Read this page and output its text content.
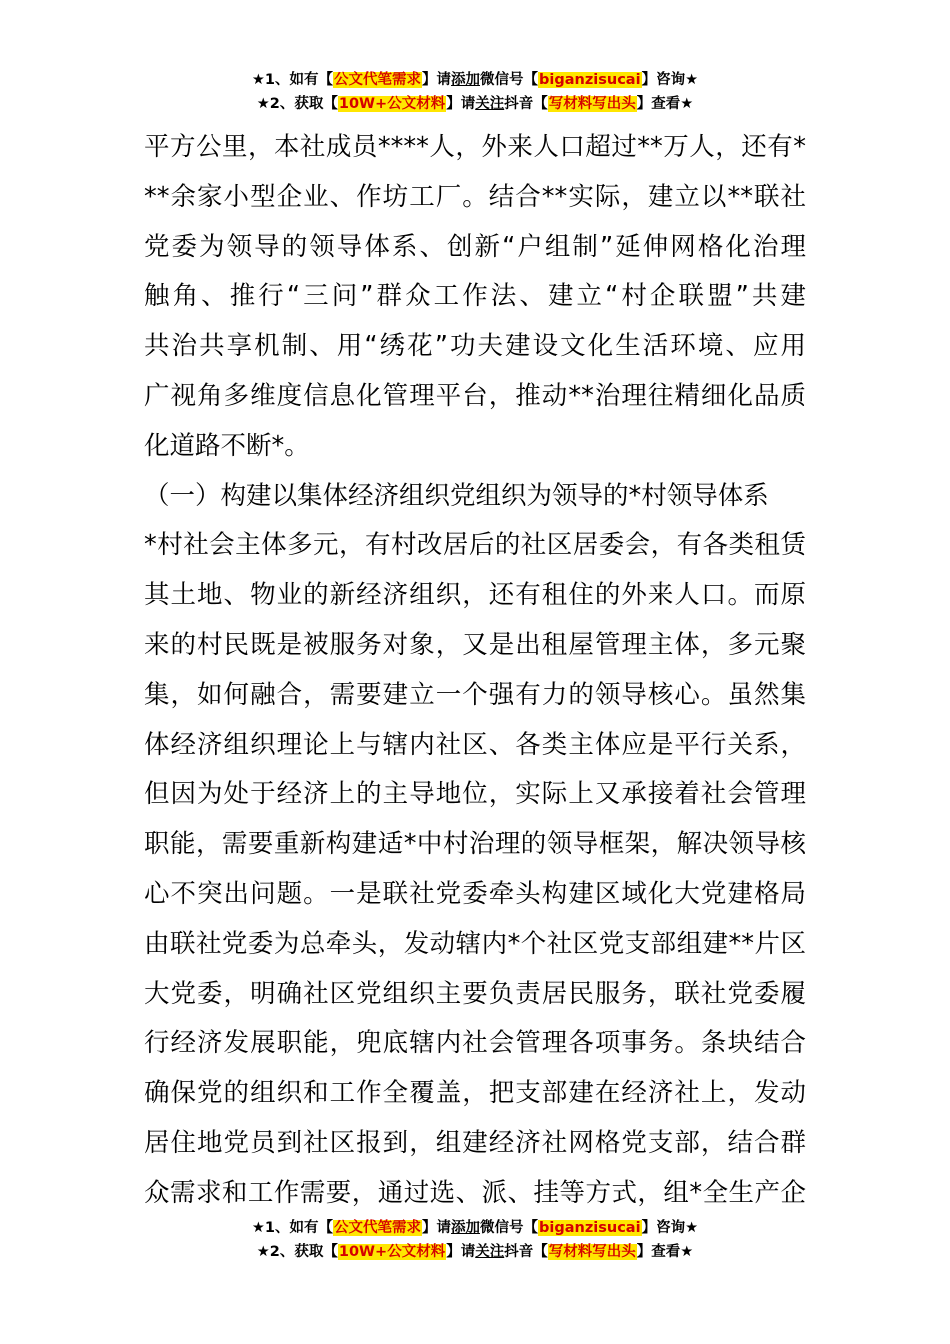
★1、如有【公文代笔需求】请添加微信号【biganzisucai】咨询★
★2、获取【10W+公文材料】请关注抖音【写材料写出头】查看★

平方公里，本社成员****人，外来人口超过**万人，还有*

**余家小型企业、作坊工厂。结合**实际，建立以**联社

党委为领导的领导体系、创新“户组制”延伸网格化治理

触角、推行“三问”群众工作法、建立“村企联盟”共建

共治共享机制、用“绣花”功夫建设文化生活环境、应用

广视角多维度信息化管理平台，推动**治理往精细化品质

化道路不断*。

（一）构建以集体经济组织党组织为领导的*村领导体系

*村社会主体多元，有村改居后的社区居委会，有各类租赁

其土地、物业的新经济组织，还有租住的外来人口。而原

来的村民既是被服务对象，又是出租屋管理主体，多元聚

集，如何融合，需要建立一个强有力的领导核心。虽然集

体经济组织理论上与辖内社区、各类主体应是平行关系，

但因为处于经济上的主导地位，实际上又承接着社会管理

职能，需要重新构建适*中村治理的领导框架，解决领导核

心不突出问题。一是联社党委牵头构建区域化大党建格局

由联社党委为总牵头，发动辖内*个社区党支部组建**片区

大党委，明确社区党组织主要负责居民服务，联社党委履

行经济发展职能，兜底辖内社会管理各项事务。条块结合

确保党的组织和工作全覆盖，把支部建在经济社上，发动

居住地党员到社区报到，组建经济社网格党支部，结合群

众需求和工作需要，通过选、派、挂等方式，组*全生产企

★1、如有【公文代笔需求】请添加微信号【biganzisucai】咨询★
★2、获取【10W+公文材料】请关注抖音【写材料写出头】查看★
